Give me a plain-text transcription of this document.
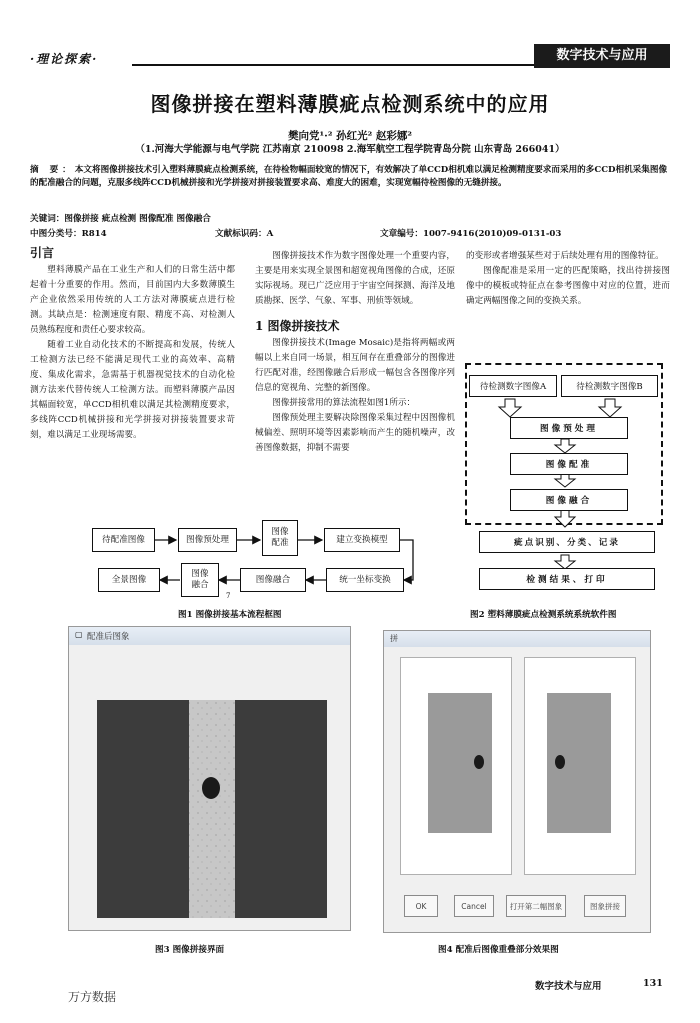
·理论探索·	数字技术与应用
图像拼接在塑料薄膜疵点检测系统中的应用
樊向党¹·² 孙红光² 赵彩娜²
（1.河海大学能源与电气学院 江苏南京 210098 2.海军航空工程学院青岛分院 山东青岛 266041）
摘 要：本文将图像拼接技术引入塑料薄膜疵点检测系统，在待检物幅面较宽的情况下，有效解决了单CCD相机难以满足检测精度要求而采用的多CCD相机采集图像的配准融合的问题，克服多线阵CCD机械拼接和光学拼接对拼接装置要求高、难度大的困难，实现宽幅待检图像的无缝拼接。
关键词：图像拼接 疵点检测 图像配准 图像融合
中图分类号：R814	文献标识码：A	文章编号：1007-9416(2010)09-0131-03
引言

塑料薄膜产品在工业生产和人们的日常生活中都起着十分重要的作用。然而，目前国内大多数薄膜生产企业依然采用传统的人工方法对薄膜疵点进行检测。其缺点是：检测速度有限、精度不高、对检测人员熟练程度和责任心要求较高。

随着工业自动化技术的不断提高和发展，传统人工检测方法已经不能满足现代工业的高效率、高精度、集成化需求，急需基于机器视觉技术的自动化检测方法来代替传统人工检测方法。而塑料薄膜产品因其幅面较宽，单CCD相机难以满足其检测精度要求，多线阵CCD机械拼接和光学拼接对拼接装置要求苛刻，难以满足工业现场需要。

图像拼接技术作为数字图像处理一个重要内容，主要是用来实现全景图和超宽视角图像的合成，还原实际视场。现已广泛应用于宇宙空间探测、海洋及地质勘探、医学、气象、军事、刑侦等领域。

1 图像拼接技术

图像拼接技术(Image Mosaic)是指将两幅或两幅以上来自同一场景，相互间存在重叠部分的图像进行匹配对准，经图像融合后形成一幅包含各图像序列信息的宽视角、完整的新图像。

图像拼接常用的算法流程如图1所示：

图像预处理主要解决除图像采集过程中因图像机械偏差、照明环境等因素影响而产生的随机噪声，改善图像数据，抑制不需要

的变形或者增强某些对于后续处理有用的图像特征。

图像配准是采用一定的匹配策略，找出待拼接图像中的模板或特征点在参考图像中对应的位置，进而确定两幅图像之间的变换关系。

待配准图像	图像预处理
图像
配准	建立变换模型
统一坐标变换
图像融合
图像
融合
全景图像
7
图1 图像拼接基本流程框图
待检测数字图像A	待检测数字图像B
图像预处理
图像配准
图像融合
疵点识别、分类、记录
检测结果、打印
图2 塑料薄膜疵点检测系统系统软件图
▢ 配准后图象
图3 图像拼接界面
拼
OK	Cancel	打开第二幅图象	图象拼接
图4 配准后图像重叠部分效果图
数字技术与应用	131
万方数据
